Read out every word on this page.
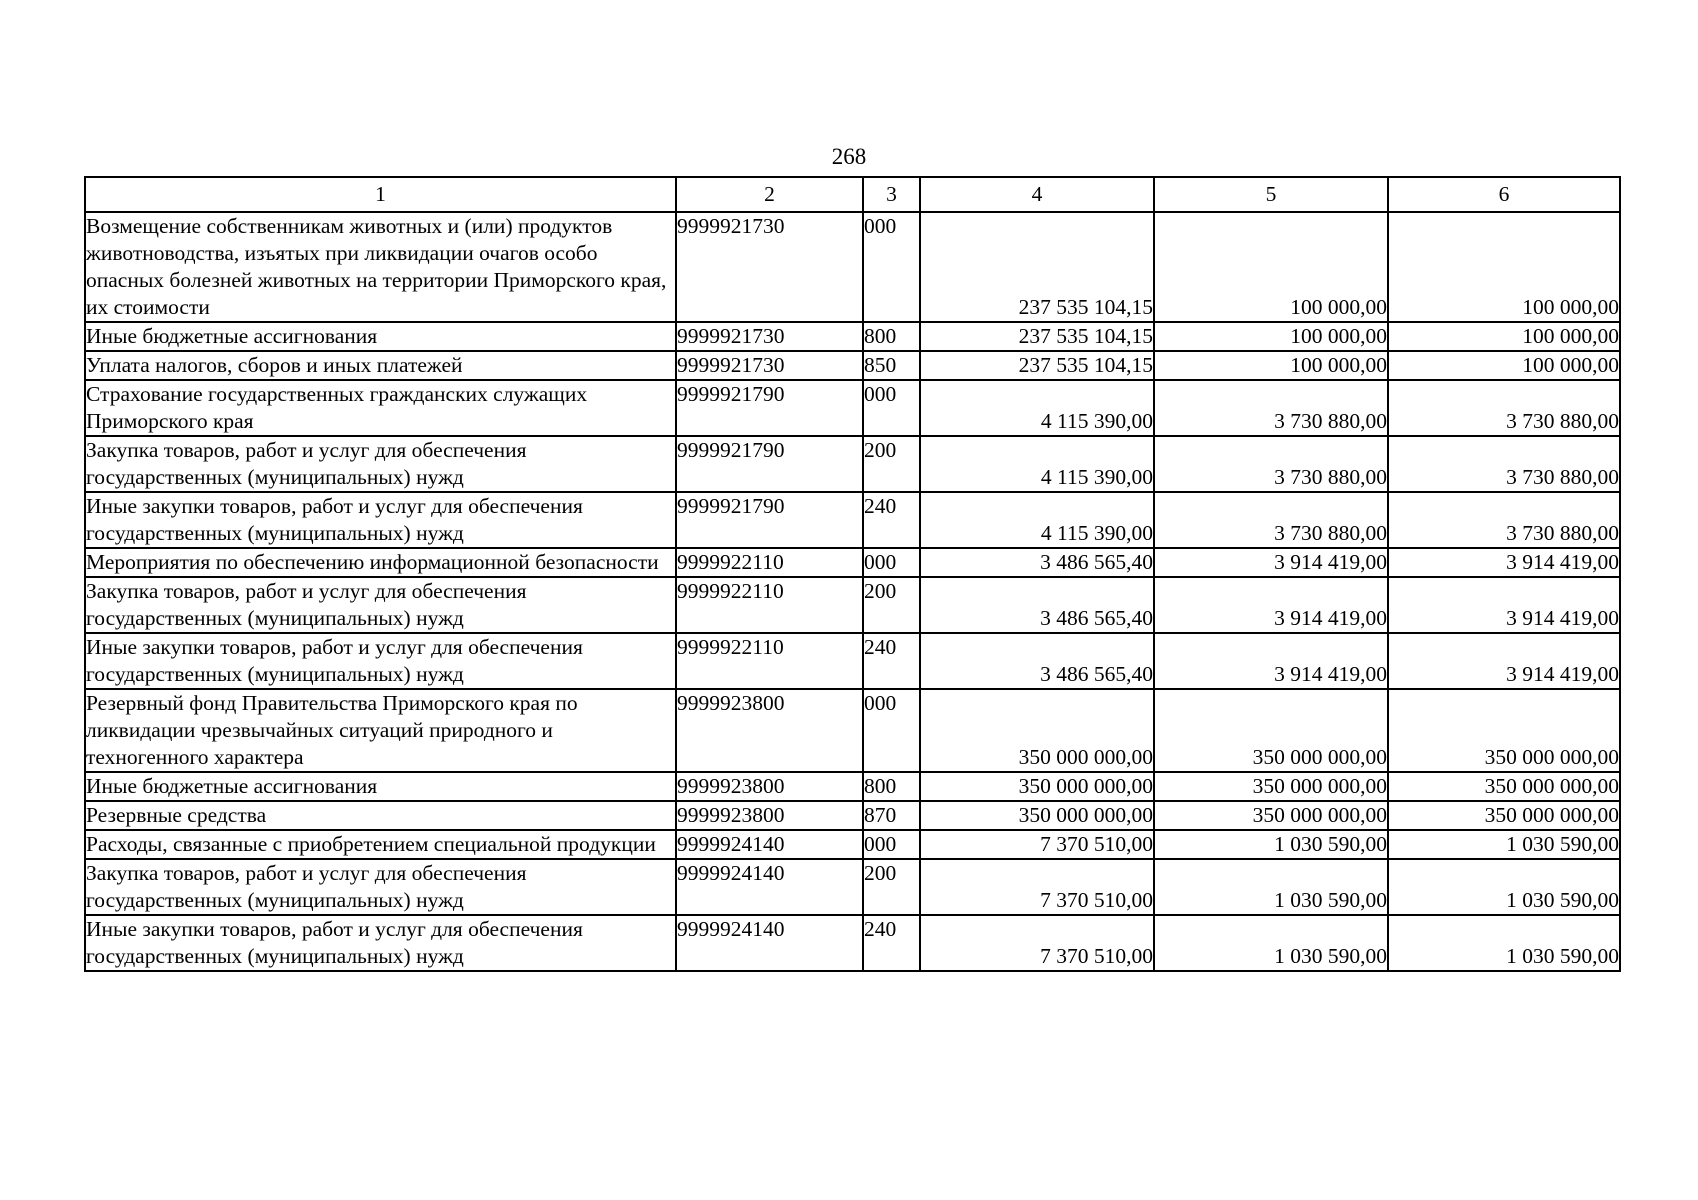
268
1	2	3	4	5	6
Возмещение собственникам животных и (или) продуктов животноводства, изъятых при ликвидации очагов особо опасных болезней животных на территории Приморского края, их стоимости	9999921730	000	237 535 104,15	100 000,00	100 000,00
Иные бюджетные ассигнования	9999921730	800	237 535 104,15	100 000,00	100 000,00
Уплата налогов, сборов и иных платежей	9999921730	850	237 535 104,15	100 000,00	100 000,00
Страхование государственных гражданских служащих Приморского края	9999921790	000	4 115 390,00	3 730 880,00	3 730 880,00
Закупка товаров, работ и услуг для обеспечения государственных (муниципальных) нужд	9999921790	200	4 115 390,00	3 730 880,00	3 730 880,00
Иные закупки товаров, работ и услуг для обеспечения государственных (муниципальных) нужд	9999921790	240	4 115 390,00	3 730 880,00	3 730 880,00
Мероприятия по обеспечению информационной безопасности	9999922110	000	3 486 565,40	3 914 419,00	3 914 419,00
Закупка товаров, работ и услуг для обеспечения государственных (муниципальных) нужд	9999922110	200	3 486 565,40	3 914 419,00	3 914 419,00
Иные закупки товаров, работ и услуг для обеспечения государственных (муниципальных) нужд	9999922110	240	3 486 565,40	3 914 419,00	3 914 419,00
Резервный фонд Правительства Приморского края по ликвидации чрезвычайных ситуаций природного и техногенного характера	9999923800	000	350 000 000,00	350 000 000,00	350 000 000,00
Иные бюджетные ассигнования	9999923800	800	350 000 000,00	350 000 000,00	350 000 000,00
Резервные средства	9999923800	870	350 000 000,00	350 000 000,00	350 000 000,00
Расходы, связанные с приобретением специальной продукции	9999924140	000	7 370 510,00	1 030 590,00	1 030 590,00
Закупка товаров, работ и услуг для обеспечения государственных (муниципальных) нужд	9999924140	200	7 370 510,00	1 030 590,00	1 030 590,00
Иные закупки товаров, работ и услуг для обеспечения государственных (муниципальных) нужд	9999924140	240	7 370 510,00	1 030 590,00	1 030 590,00
